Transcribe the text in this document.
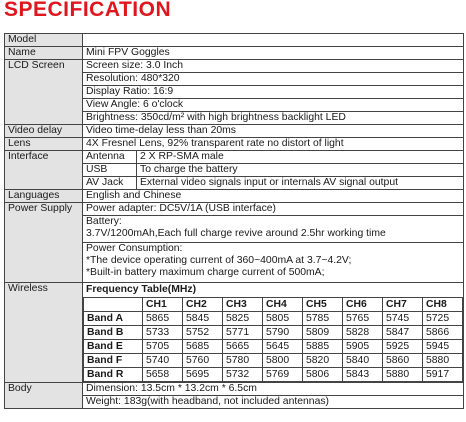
SPECIFICATION
Model	
Name	Mini FPV Goggles
LCD Screen	Screen size: 3.0 Inch
Resolution: 480*320
Display Ratio: 16:9
View Angle: 6 o'clock
Brightness: 350cd/m² with high brightness backlight LED
Video delay	Video time-delay less than 20ms
Lens	4X Fresnel Lens, 92% transparent rate no distort of light
Interface	Antenna	2 X RP-SMA male
USB	To charge the battery
AV Jack	External video signals input or internals AV signal output
Languages	English and Chinese
Power Supply	Power adapter: DC5V/1A (USB interface)

Battery:
3.7V/1200mAh,Each full charge revive around 2.5hr working time

Power Consumption:
*The device operating current of 360~400mA at 3.7~4.2V;
*Built-in battery maximum charge current of 500mA;

Wireless	Frequency Table(MHz)
	CH1	CH2	CH3	CH4	CH5	CH6	CH7	CH8
Band A	5865	5845	5825	5805	5785	5765	5745	5725
Band B	5733	5752	5771	5790	5809	5828	5847	5866
Band E	5705	5685	5665	5645	5885	5905	5925	5945
Band F	5740	5760	5780	5800	5820	5840	5860	5880
Band R	5658	5695	5732	5769	5806	5843	5880	5917

Body	Dimension: 13.5cm * 13.2cm * 6.5cm
Weight: 183g(with headband, not included antennas)
